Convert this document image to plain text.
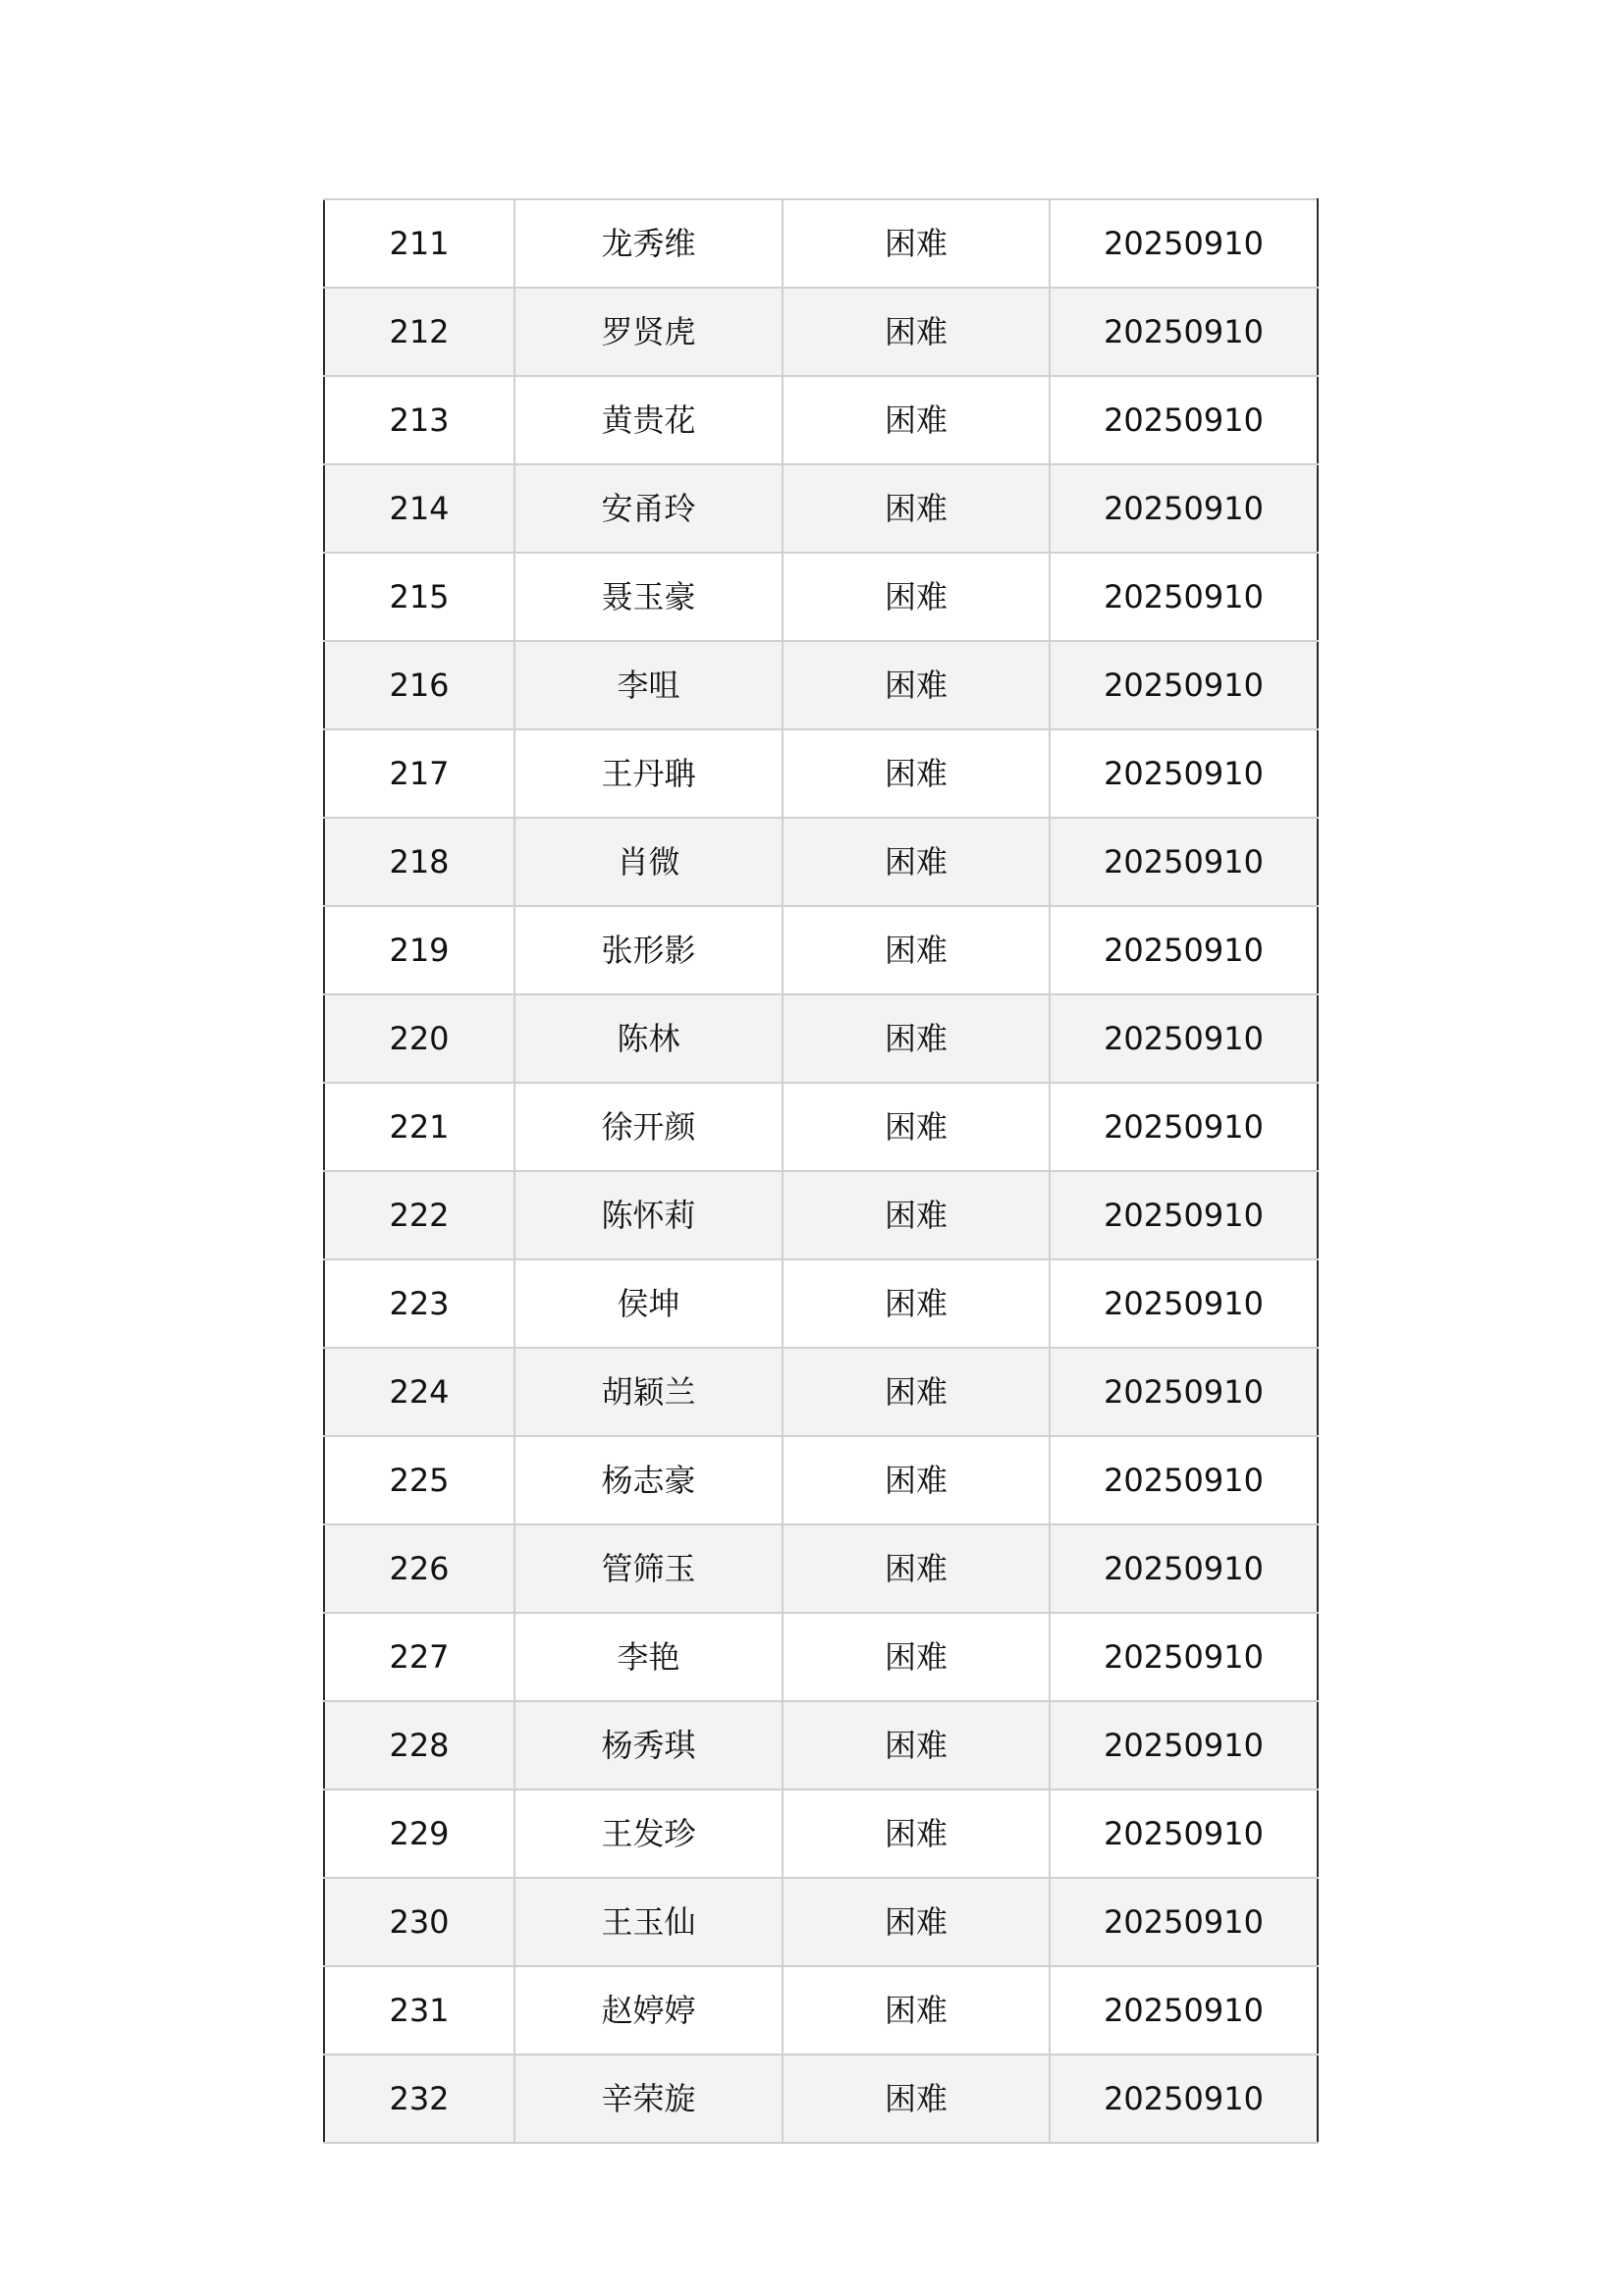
211	龙秀维	困难	20250910
212	罗贤虎	困难	20250910
213	黄贵花	困难	20250910
214	安甬玲	困难	20250910
215	聂玉豪	困难	20250910
216	李咀	困难	20250910
217	王丹聃	困难	20250910
218	肖微	困难	20250910
219	张形影	困难	20250910
220	陈林	困难	20250910
221	徐开颜	困难	20250910
222	陈怀莉	困难	20250910
223	侯坤	困难	20250910
224	胡颖兰	困难	20250910
225	杨志豪	困难	20250910
226	管筛玉	困难	20250910
227	李艳	困难	20250910
228	杨秀琪	困难	20250910
229	王发珍	困难	20250910
230	王玉仙	困难	20250910
231	赵婷婷	困难	20250910
232	辛荣旋	困难	20250910
